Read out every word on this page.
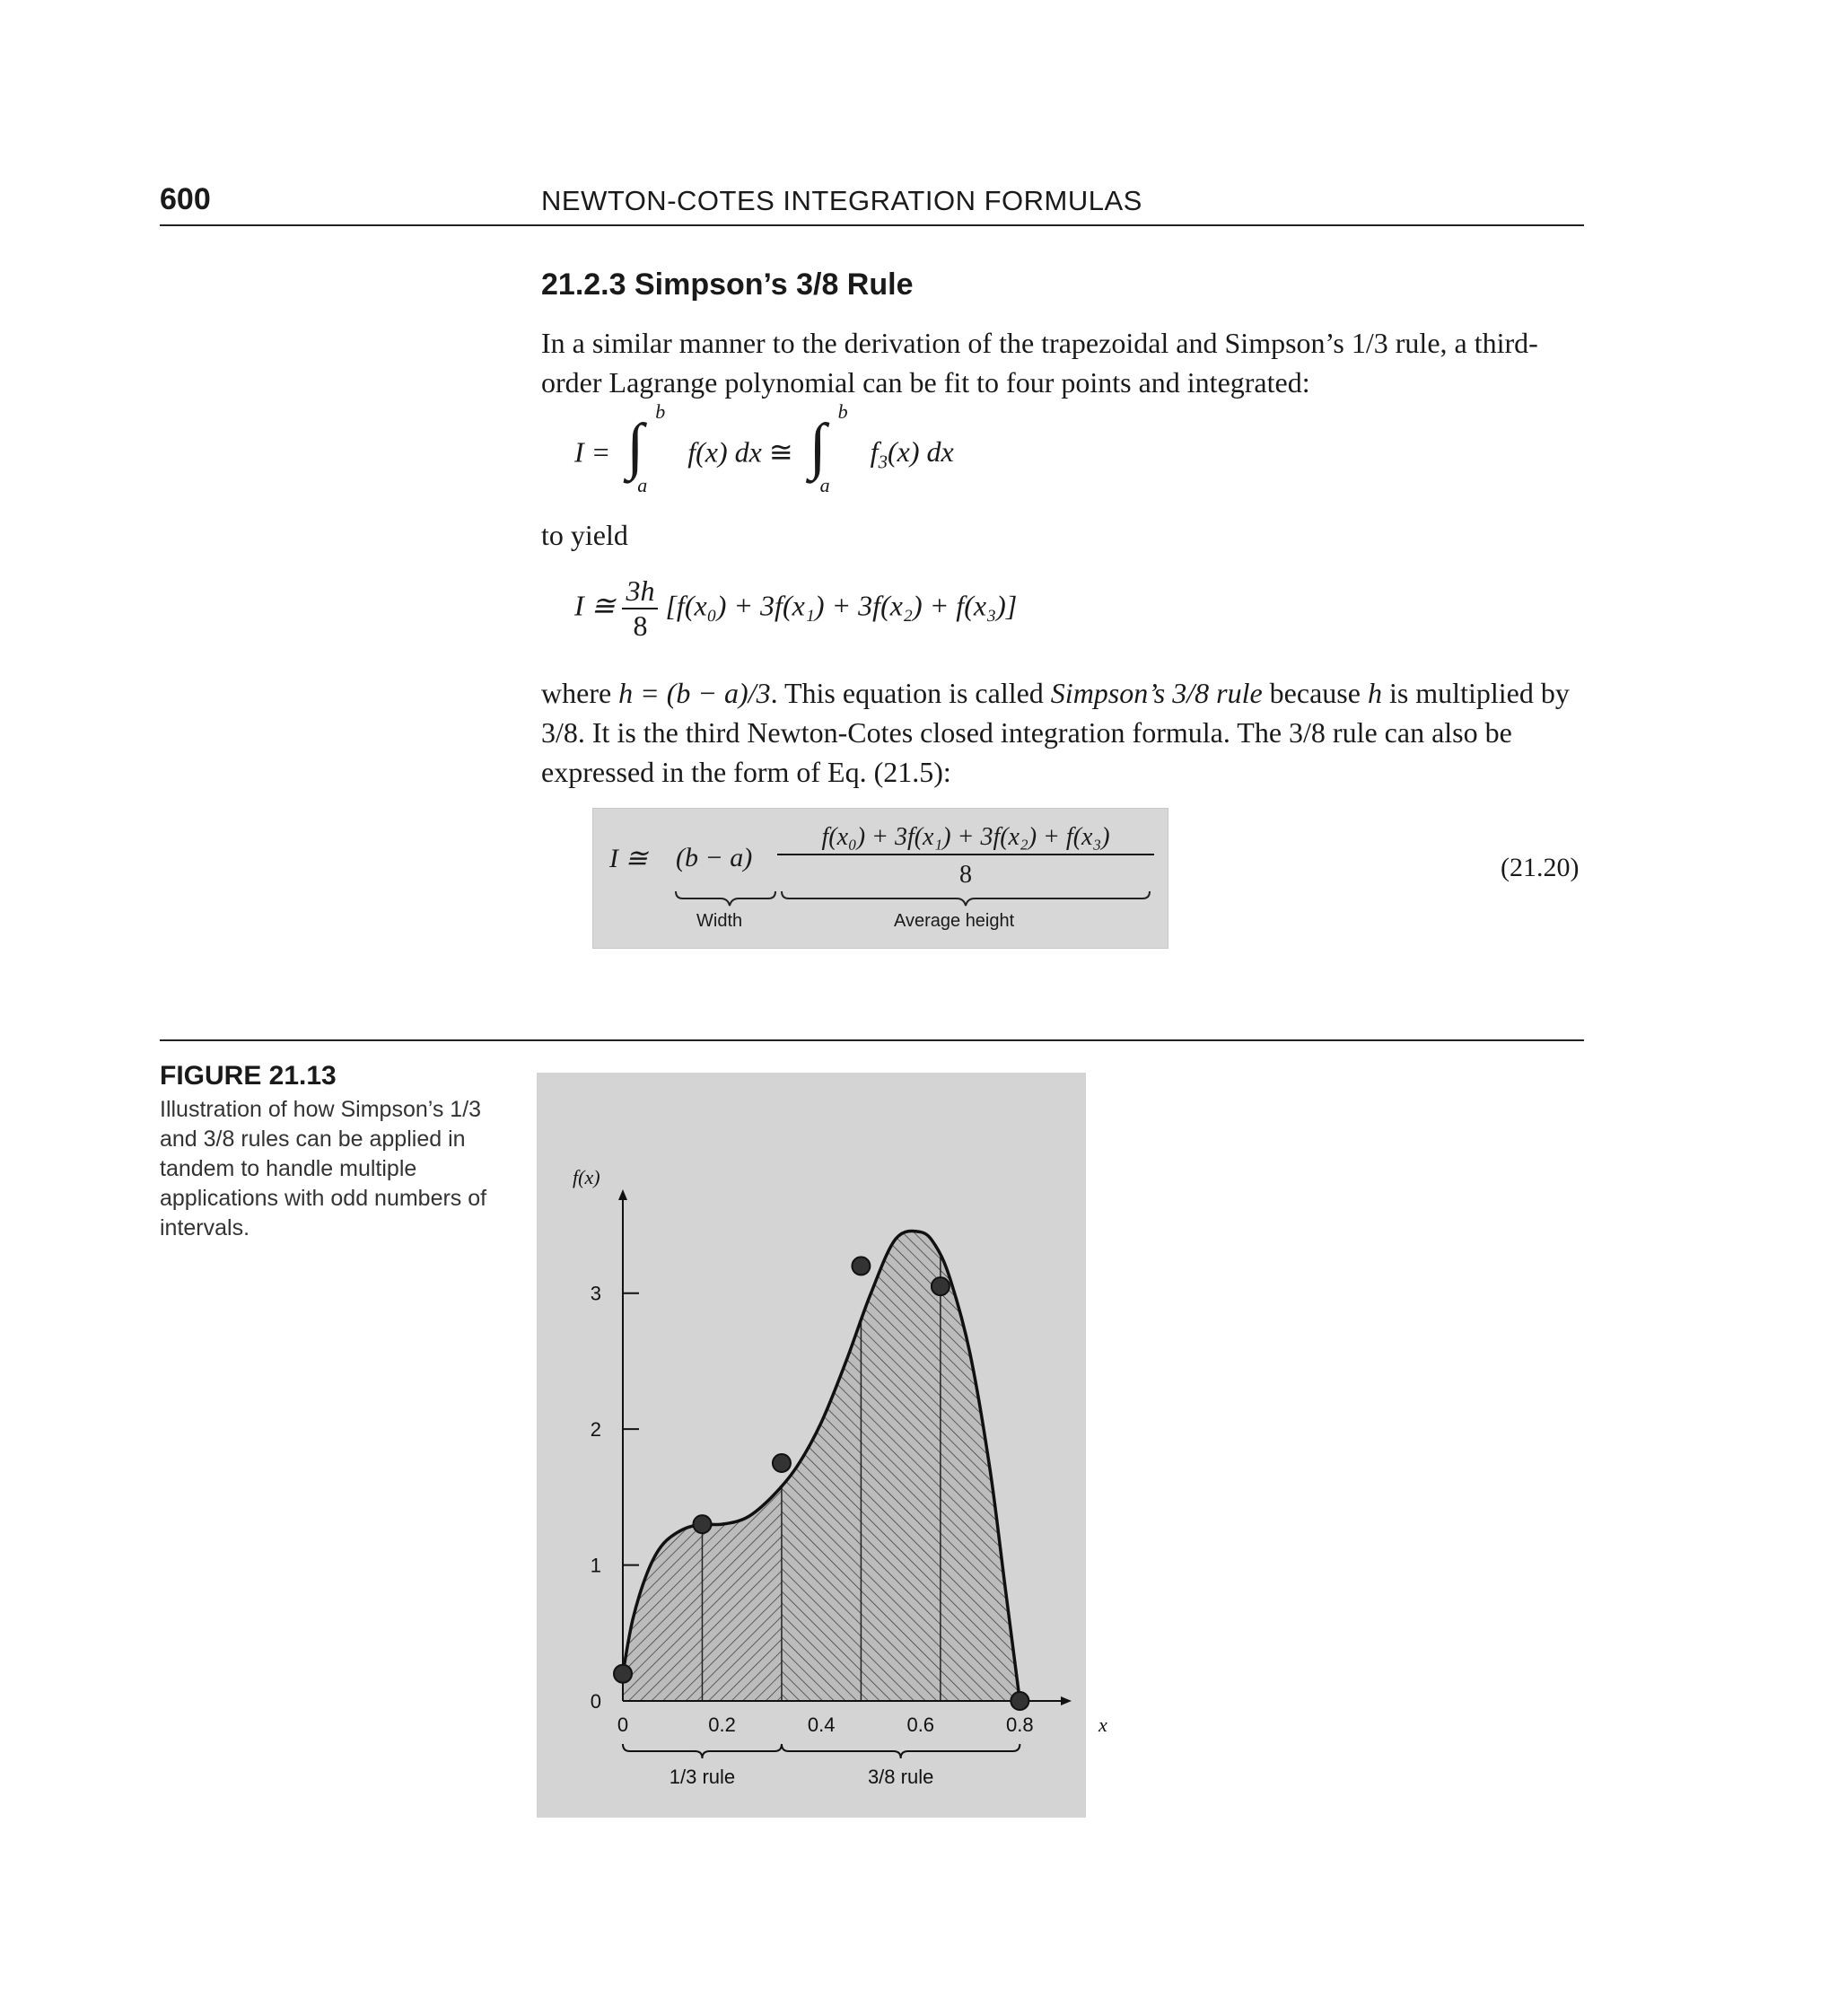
600	NEWTON-COTES INTEGRATION FORMULAS
21.2.3 Simpson’s 3/8 Rule
In a similar manner to the derivation of the trapezoidal and Simpson’s 1/3 rule, a third-order Lagrange polynomial can be fit to four points and integrated:
I = ∫
b
a
f(x) dx ≅ ∫
b
a
$f_3(x)$ dx
to yield
I ≅ $\frac{3h}{8} [f(x_0) + 3f(x_1) + 3f(x_2) + f(x_3)]$
where h = (b − a)/3. This equation is called Simpson’s 3/8 rule because h is multiplied by 3/8. It is the third Newton-Cotes closed integration formula. The 3/8 rule can also be expressed in the form of Eq. (21.5):
I ≅ (b − a)
f(x₀) + 3f(x₁) + 3f(x₂) + f(x₃)
8
Width	Average height
(21.20)
FIGURE 21.13
Illustration of how Simpson’s 1/3 and 3/8 rules can be applied in tandem to handle multiple applications with odd numbers of intervals.
0
1
2
3
0	0.2	0.4	0.6	0.8
f(x)
x
1/3 rule	3/8 rule
